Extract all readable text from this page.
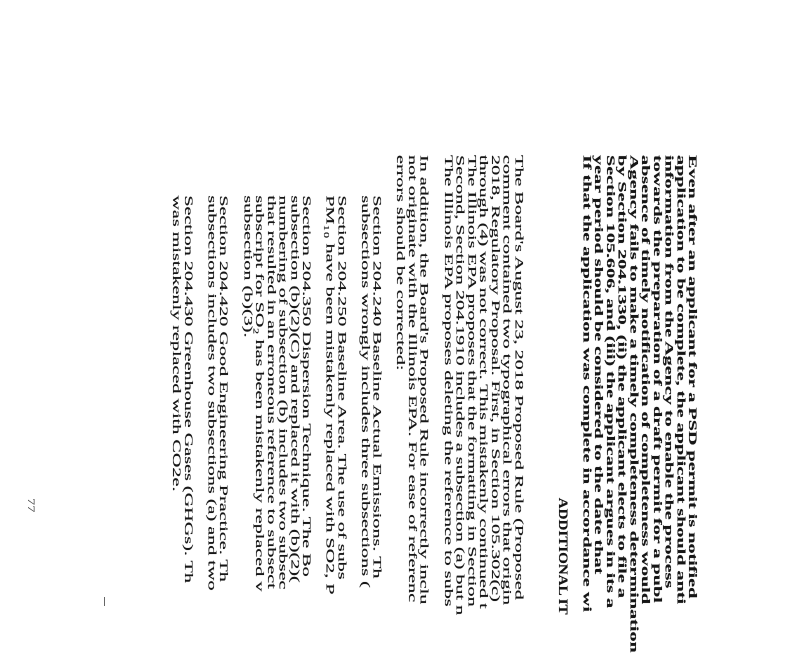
Even after an applicant for a PSD permit is notified
application to be complete, the applicant should anti
information from the Agency to enable the process
towards the preparation of a draft permit for a publ
absence of timely notification of completeness would
Agency fails to make a timely completeness determination
by Section 204.1330, (ii) the applicant elects to file a
Section 105.606, and (iii) the applicant argues in its a
year period should be considered to the date that
If that the application was complete in accordance wi
ADDITIONAL IT
The Board's August 23, 2018 Proposed Rule (Proposed
comment contained two typographical errors that origin
2018, Regulatory Proposal. First, in Section 105.302(c)
through (4) was not correct. This mistakenly continued t
The Illinois EPA proposes that the formatting in Section
Second, Section 204.1910 includes a subsection (a) but n
The Illinois EPA proposes deleting the reference to subs
In addition, the Board's Proposed Rule incorrectly inclu
not originate with the Illinois EPA. For ease of referenc
errors should be corrected:
Section 204.240 Baseline Actual Emissions. Th
subsections wrongly includes three subsections (
Section 204.250 Baseline Area. The use of subs
PM₁₀ have been mistakenly replaced with SO2, P
Section 204.350 Dispersion Technique. The Bo
subsection (b)(2)(C) and replaced it with (b)(2)(
numbering of subsection (b) includes two subsec
that resulted in an erroneous reference to subsect
subscript for SO₂ has been mistakenly replaced v
subsection (b)(3).
Section 204.420 Good Engineering Practice. Th
subsections includes two subsections (a) and two
Section 204.430 Greenhouse Gases (GHGs). Th
was mistakenly replaced with CO2e.
77
